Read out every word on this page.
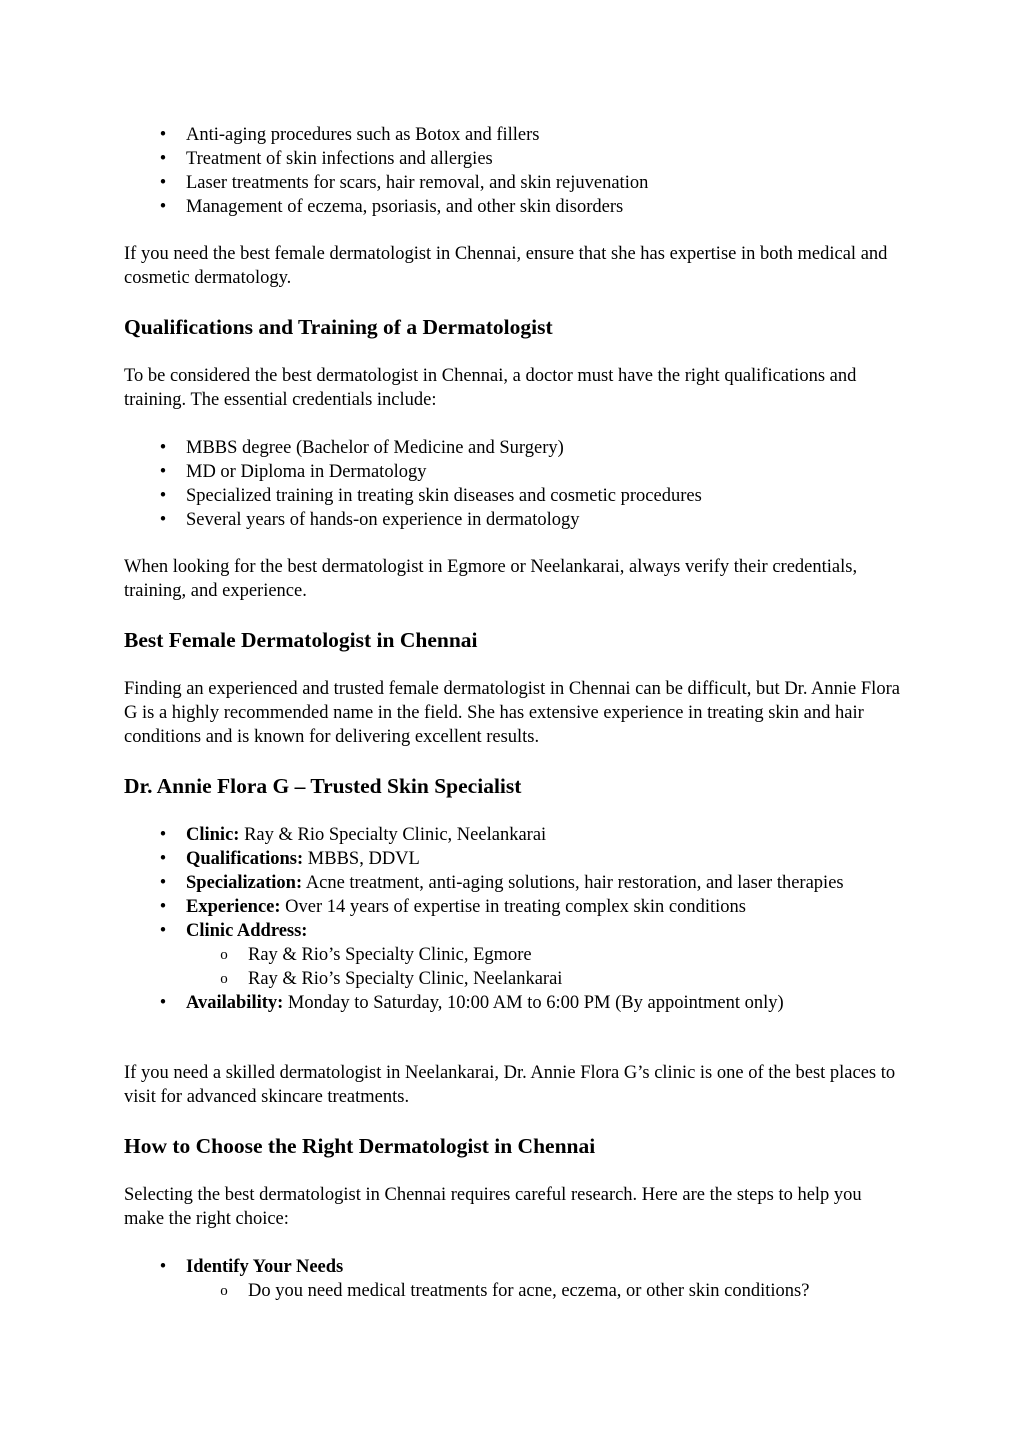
• Anti-aging procedures such as Botox and fillers
• Treatment of skin infections and allergies
• Laser treatments for scars, hair removal, and skin rejuvenation
• Management of eczema, psoriasis, and other skin disorders

If you need the best female dermatologist in Chennai, ensure that she has expertise in both medical and cosmetic dermatology.

Qualifications and Training of a Dermatologist

To be considered the best dermatologist in Chennai, a doctor must have the right qualifications and training. The essential credentials include:

• MBBS degree (Bachelor of Medicine and Surgery)
• MD or Diploma in Dermatology
• Specialized training in treating skin diseases and cosmetic procedures
• Several years of hands-on experience in dermatology

When looking for the best dermatologist in Egmore or Neelankarai, always verify their credentials, training, and experience.

Best Female Dermatologist in Chennai

Finding an experienced and trusted female dermatologist in Chennai can be difficult, but Dr. Annie Flora G is a highly recommended name in the field. She has extensive experience in treating skin and hair conditions and is known for delivering excellent results.

Dr. Annie Flora G – Trusted Skin Specialist
• Clinic: Ray & Rio Specialty Clinic, Neelankarai
• Qualifications: MBBS, DDVL
• Specialization: Acne treatment, anti-aging solutions, hair restoration, and laser therapies
• Experience: Over 14 years of expertise in treating complex skin conditions
• Clinic Address:
o Ray & Rio’s Specialty Clinic, Egmore
o Ray & Rio’s Specialty Clinic, Neelankarai
• Availability: Monday to Saturday, 10:00 AM to 6:00 PM (By appointment only)

If you need a skilled dermatologist in Neelankarai, Dr. Annie Flora G’s clinic is one of the best places to visit for advanced skincare treatments.

How to Choose the Right Dermatologist in Chennai

Selecting the best dermatologist in Chennai requires careful research. Here are the steps to help you make the right choice:

• Identify Your Needs
o Do you need medical treatments for acne, eczema, or other skin conditions?
